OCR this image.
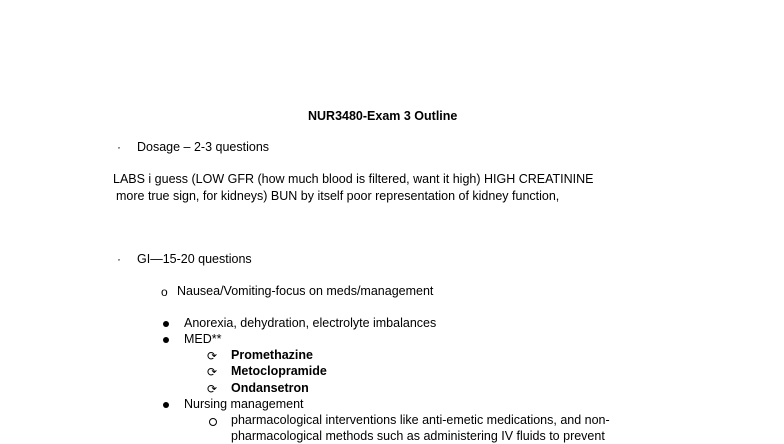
NUR3480-Exam 3 Outline
· Dosage – 2-3 questions
LABS i guess (LOW GFR (how much blood is filtered, want it high) HIGH CREATININE
more true sign, for kidneys) BUN by itself poor representation of kidney function,
· GI—15-20 questions
o Nausea/Vomiting-focus on meds/management
Anorexia, dehydration, electrolyte imbalances
MED**
⟳ Promethazine
⟳ Metoclopramide
⟳ Ondansetron
Nursing management
pharmacological interventions like anti-emetic medications, and non-
pharmacological methods such as administering IV fluids to prevent
